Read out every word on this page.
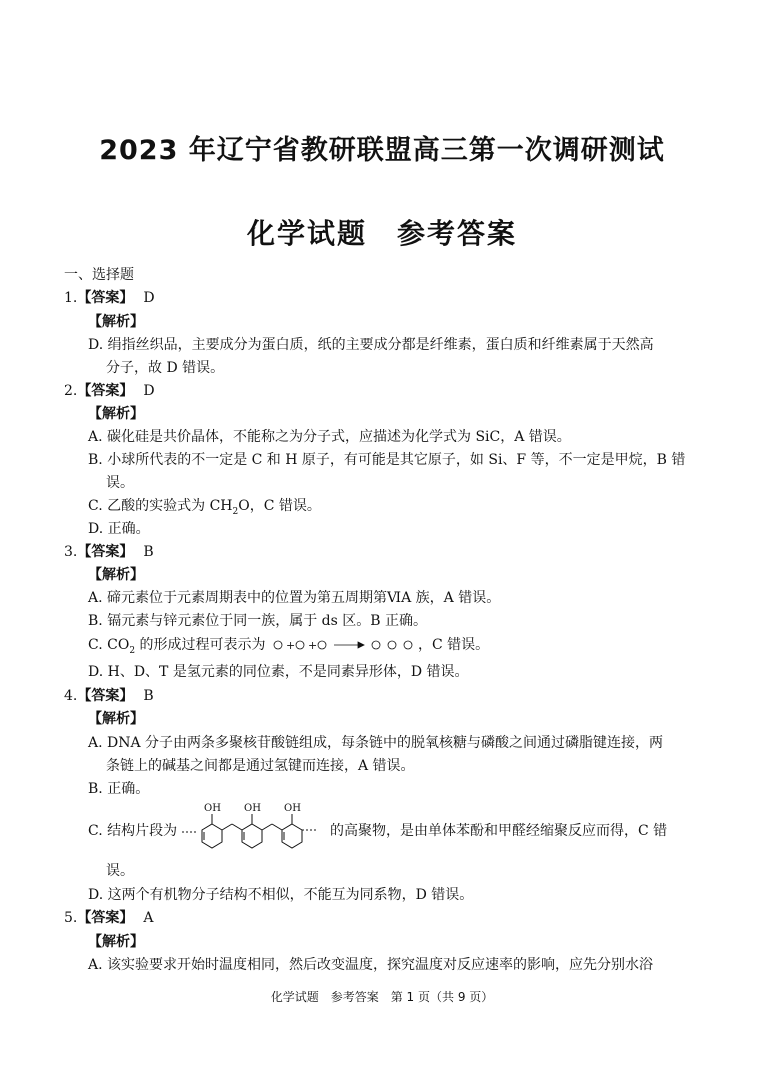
2023 年辽宁省教研联盟高三第一次调研测试
化学试题　参考答案
一、选择题
1.【答案】 D
【解析】
D. 绢指丝织品，主要成分为蛋白质，纸的主要成分都是纤维素，蛋白质和纤维素属于天然高
分子，故 D 错误。
2.【答案】 D
【解析】
A. 碳化硅是共价晶体，不能称之为分子式，应描述为化学式为 SiC，A 错误。
B. 小球所代表的不一定是 C 和 H 原子，有可能是其它原子，如 Si、F 等，不一定是甲烷，B 错
误。
C. 乙酸的实验式为 $CH_2O$，C 错误。
D. 正确。
3.【答案】 B
【解析】
A. 碲元素位于元素周期表中的位置为第五周期第ⅥA 族，A 错误。
B. 镉元素与锌元素位于同一族，属于 ds 区。B 正确。
C. $CO_2$ 的形成过程可表示为 + +	，C 错误。
D. H、D、T 是氢元素的同位素，不是同素异形体，D 错误。
4.【答案】 B
【解析】
A. DNA 分子由两条多聚核苷酸链组成，每条链中的脱氧核糖与磷酸之间通过磷脂键连接，两
条链上的碱基之间都是通过氢键而连接，A 错误。
B. 正确。
C. 结构片段为
OH OH OH
的高聚物，是由单体苯酚和甲醛经缩聚反应而得，C 错
误。
D. 这两个有机物分子结构不相似，不能互为同系物，D 错误。
5.【答案】 A
【解析】
A. 该实验要求开始时温度相同，然后改变温度，探究温度对反应速率的影响，应先分别水浴
化学试题　参考答案　第 1 页（共 9 页）
